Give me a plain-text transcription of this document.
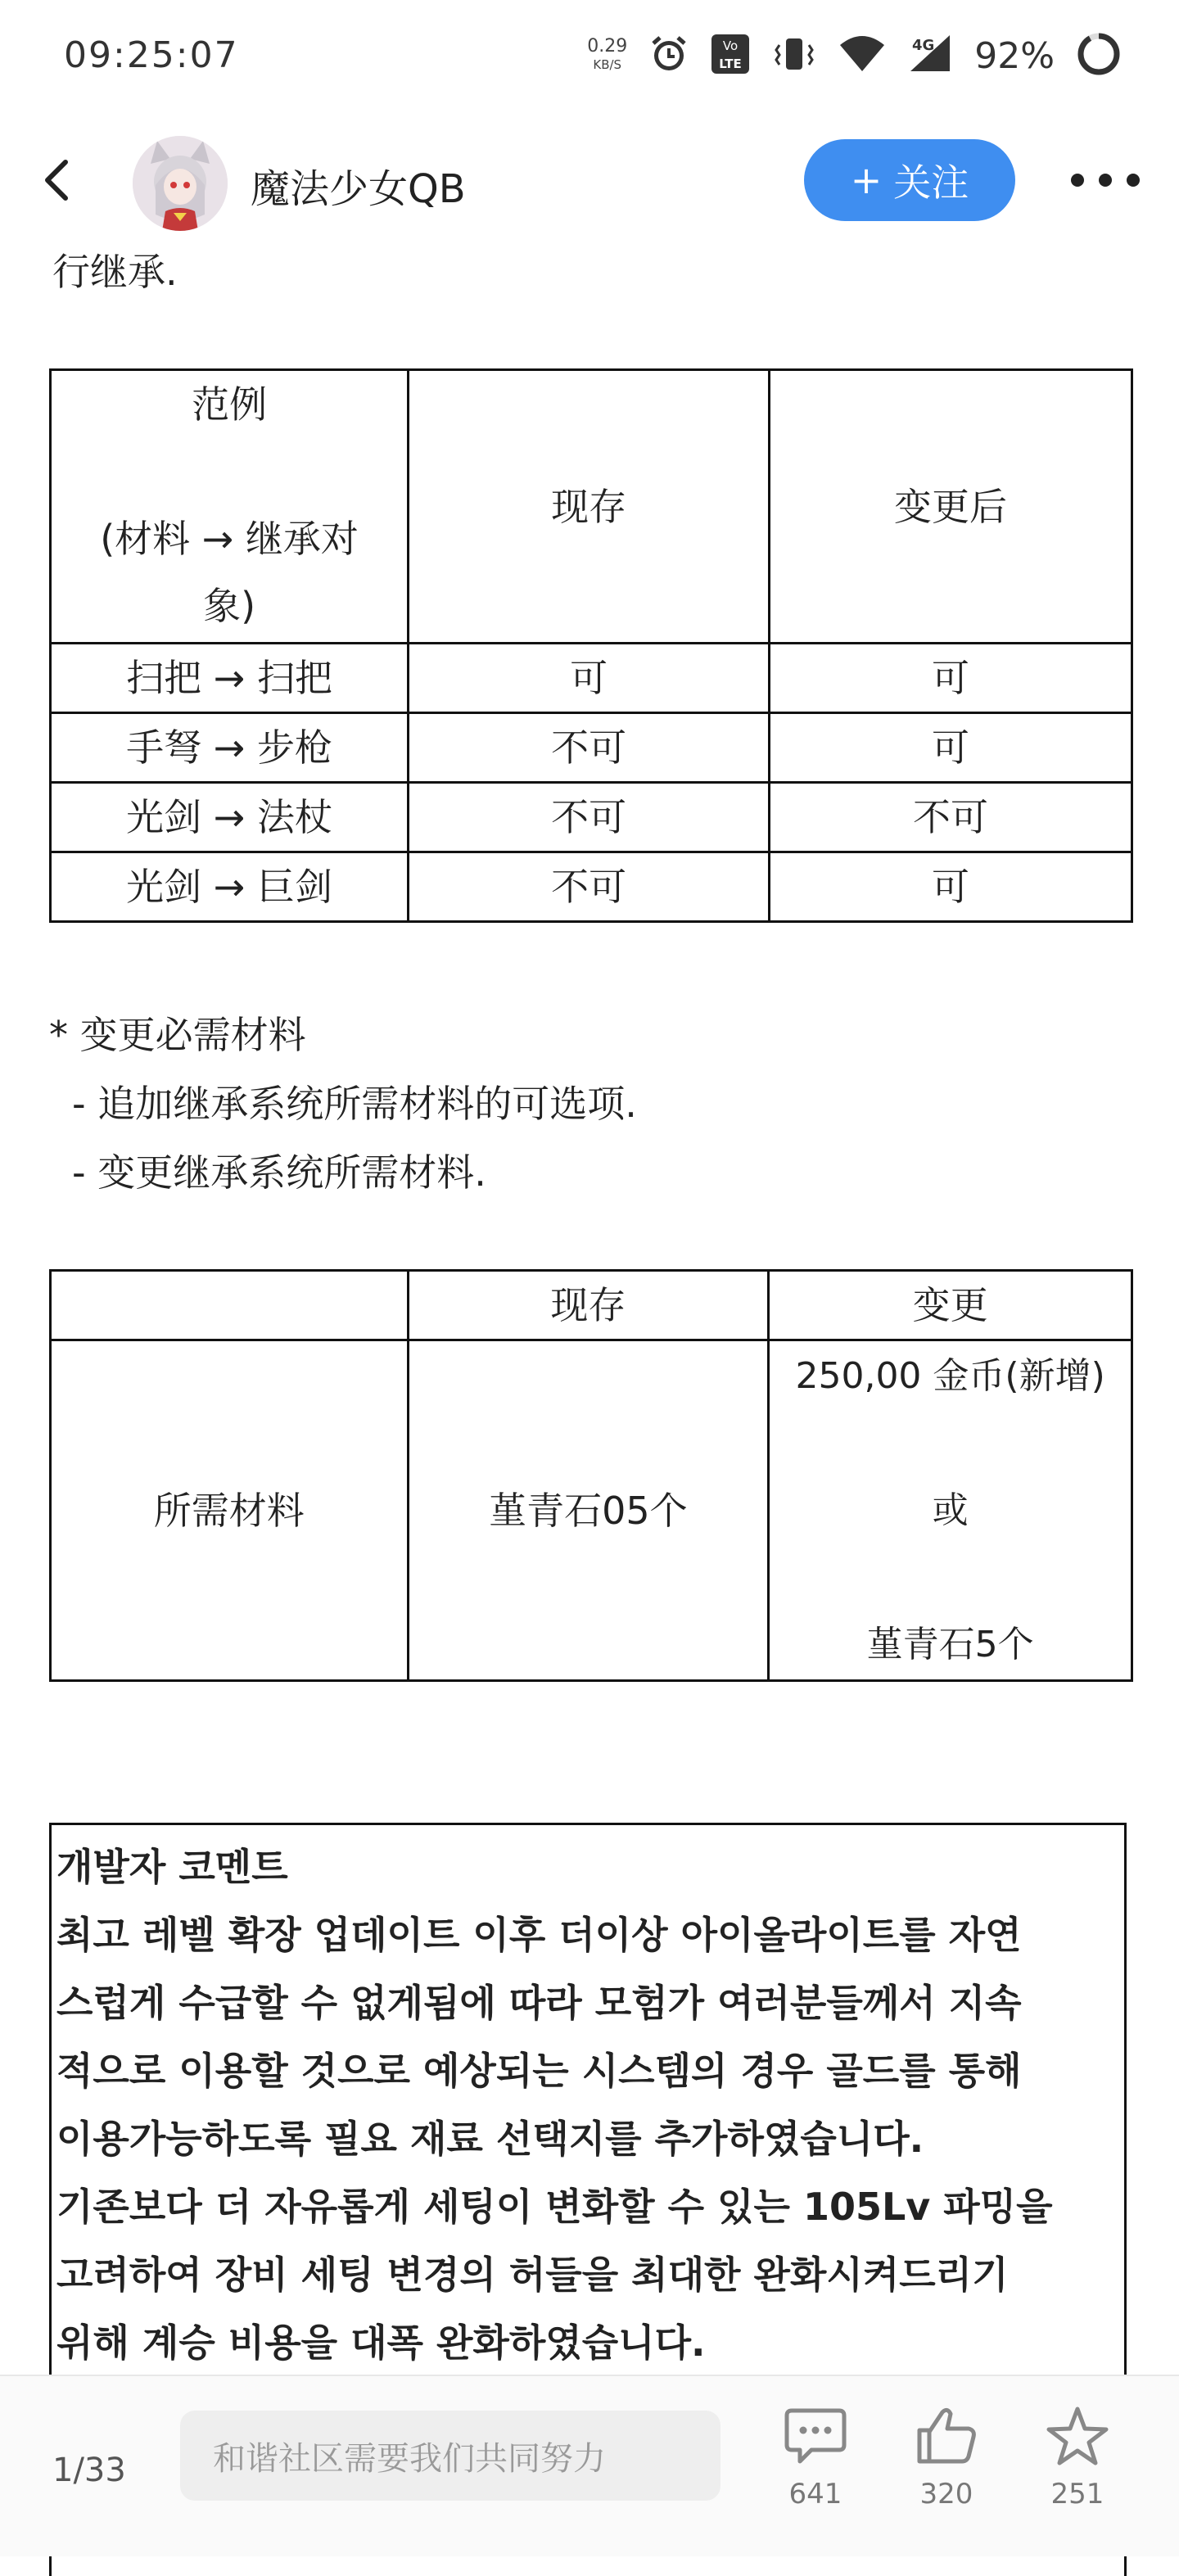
09:25:07	0.29
KB/S
Vo
LTE
4G 92%
魔法少女QB	+ 关注
行继承.
范例
(材料 → 继承对象)	现存	变更后
扫把 → 扫把	可	可
手弩 → 步枪	不可	可
光剑 → 法杖	不可	不可
光剑 → 巨剑	不可	可
* 变更必需材料
- 追加继承系统所需材料的可选项.
- 变更继承系统所需材料.
	现存	变更
所需材料	堇青石05个	250,00 金币(新增)
或
堇青石5个

개발자 코멘트

최고 레벨 확장 업데이트 이후 더이상 아이올라이트를 자연
스럽게 수급할 수 없게됨에 따라 모험가 여러분들께서 지속
적으로 이용할 것으로 예상되는 시스템의 경우 골드를 통해
이용가능하도록 필요 재료 선택지를 추가하였습니다.
기존보다 더 자유롭게 세팅이 변화할 수 있는 105Lv 파밍을
고려하여 장비 세팅 변경의 허들을 최대한 완화시켜드리기
위해 계승 비용을 대폭 완화하였습니다.
1/33	和谐社区需要我们共同努力
641	320	251
